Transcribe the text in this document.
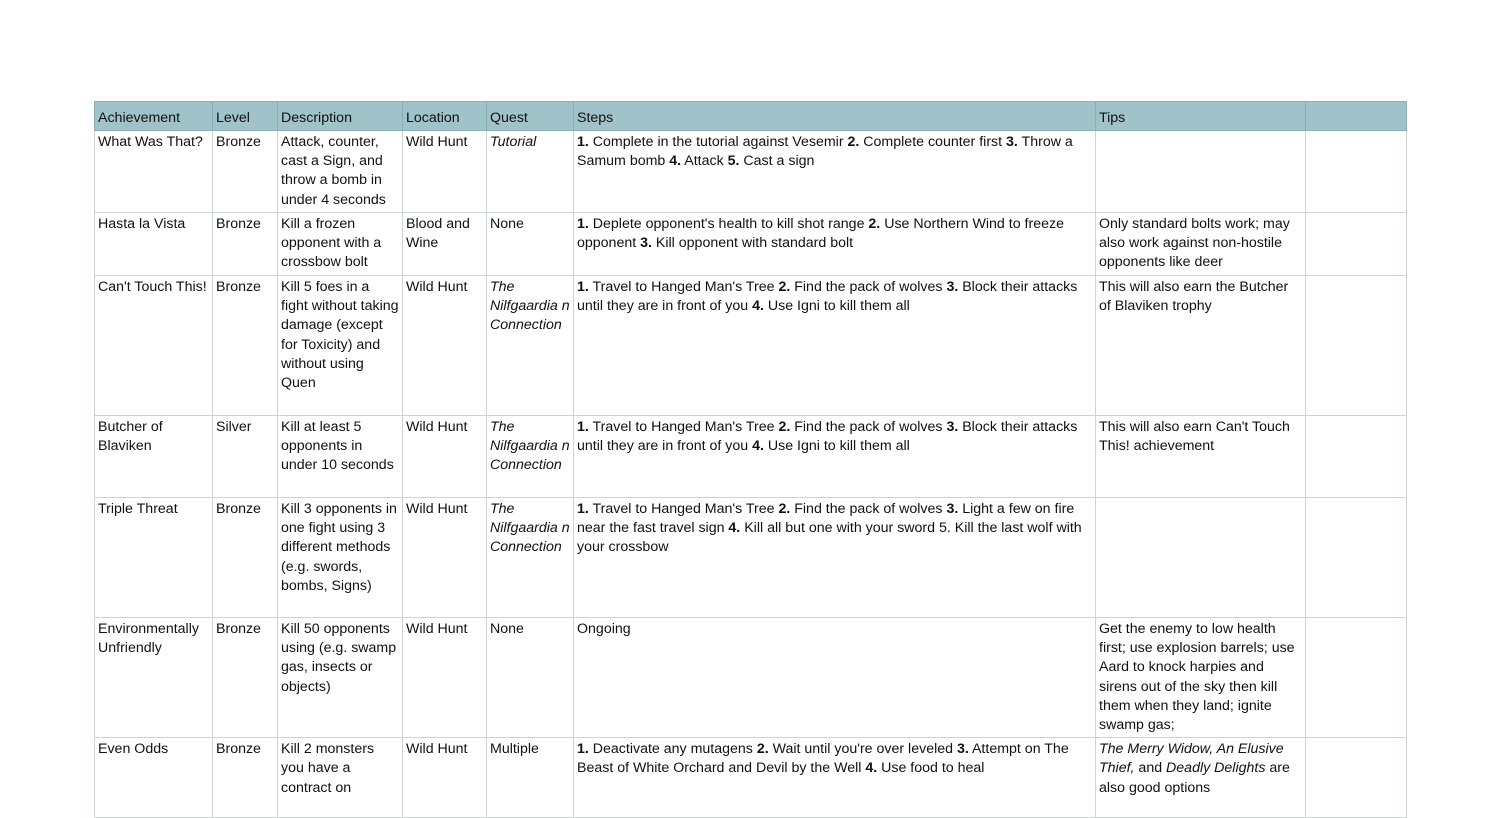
Achievement	Level	Description	Location	Quest	Steps	Tips	
What Was That?	Bronze	Attack, counter, cast a Sign, and throw a bomb in under 4 seconds	Wild Hunt	Tutorial	1. Complete in the tutorial against Vesemir 2. Complete counter first 3. Throw a Samum bomb 4. Attack 5. Cast a sign		
Hasta la Vista	Bronze	Kill a frozen opponent with a crossbow bolt	Blood and Wine	None	1. Deplete opponent's health to kill shot range 2. Use Northern Wind to freeze opponent 3. Kill opponent with standard bolt	Only standard bolts work; may also work against non-hostile opponents like deer	
Can't Touch This!	Bronze	Kill 5 foes in a fight without taking damage (except for Toxicity) and without using Quen	Wild Hunt	The Nilfgaardia n Connection	1. Travel to Hanged Man's Tree 2. Find the pack of wolves 3. Block their attacks until they are in front of you 4. Use Igni to kill them all	This will also earn the Butcher of Blaviken trophy	
Butcher of Blaviken	Silver	Kill at least 5 opponents in under 10 seconds	Wild Hunt	The Nilfgaardia n Connection	1. Travel to Hanged Man's Tree 2. Find the pack of wolves 3. Block their attacks until they are in front of you 4. Use Igni to kill them all	This will also earn Can't Touch This! achievement	
Triple Threat	Bronze	Kill 3 opponents in one fight using 3 different methods (e.g. swords, bombs, Signs)	Wild Hunt	The Nilfgaardia n Connection	1. Travel to Hanged Man's Tree 2. Find the pack of wolves 3. Light a few on fire near the fast travel sign 4. Kill all but one with your sword 5. Kill the last wolf with your crossbow		
Environmentally Unfriendly	Bronze	Kill 50 opponents using (e.g. swamp gas, insects or objects)	Wild Hunt	None	Ongoing	Get the enemy to low health first; use explosion barrels; use Aard to knock harpies and sirens out of the sky then kill them when they land; ignite swamp gas;	
Even Odds	Bronze	Kill 2 monsters you have a contract on	Wild Hunt	Multiple	1. Deactivate any mutagens 2. Wait until you're over leveled 3. Attempt on The Beast of White Orchard and Devil by the Well 4. Use food to heal	The Merry Widow, An Elusive Thief, and Deadly Delights are also good options	
